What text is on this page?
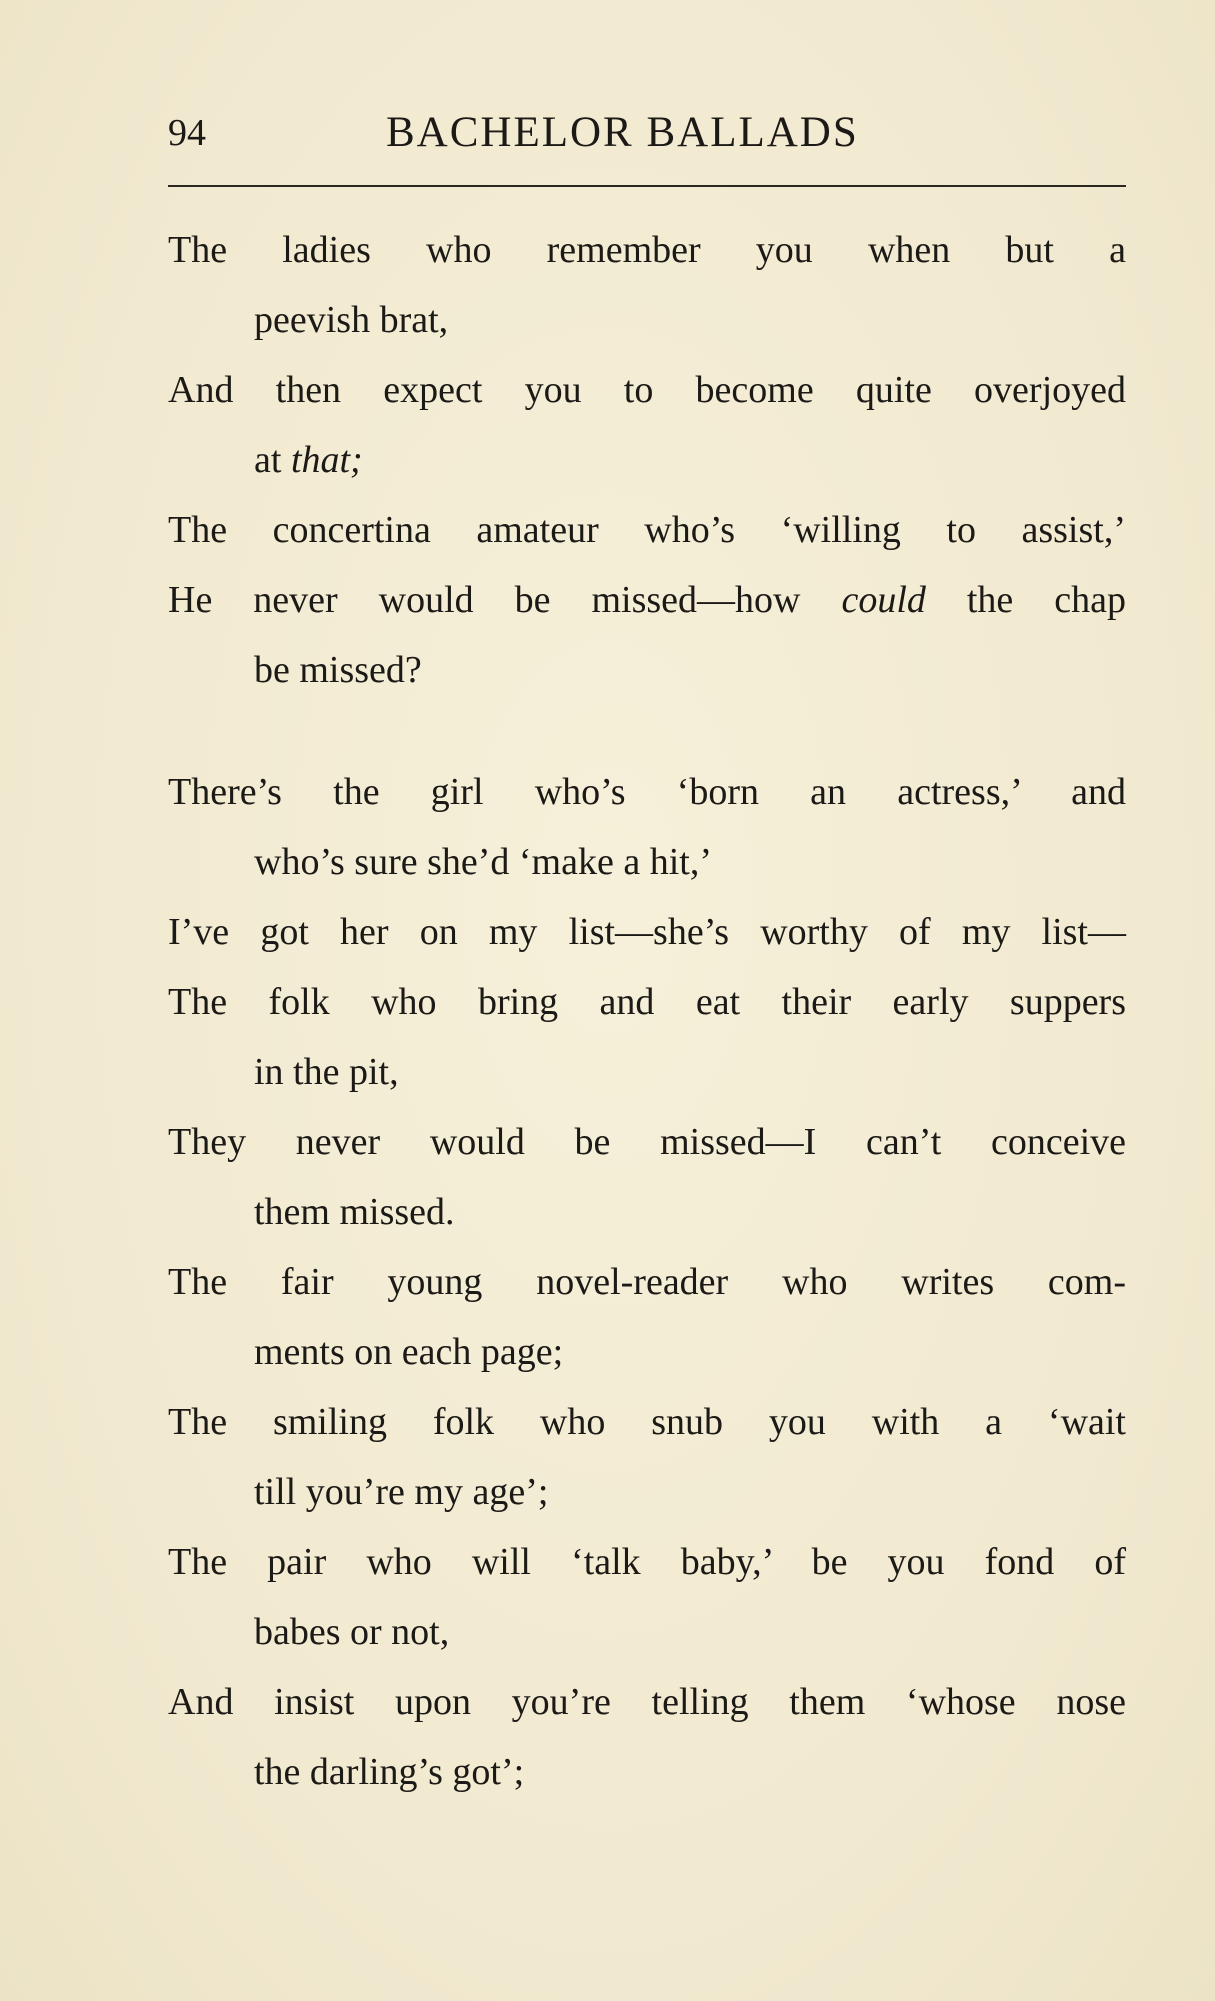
94	BACHELOR BALLADS
The ladies who remember you when but a
peevish brat,
And then expect you to become quite overjoyed
at that;
The concertina amateur who’s ‘willing to assist,’
He never would be missed—how could the chap
be missed?
There’s the girl who’s ‘born an actress,’ and
who’s sure she’d ‘make a hit,’
I’ve got her on my list—she’s worthy of my list—
The folk who bring and eat their early suppers
in the pit,
They never would be missed—I can’t conceive
them missed.
The fair young novel-reader who writes com-
ments on each page;
The smiling folk who snub you with a ‘wait
till you’re my age’;
The pair who will ‘talk baby,’ be you fond of
babes or not,
And insist upon you’re telling them ‘whose nose
the darling’s got’;
